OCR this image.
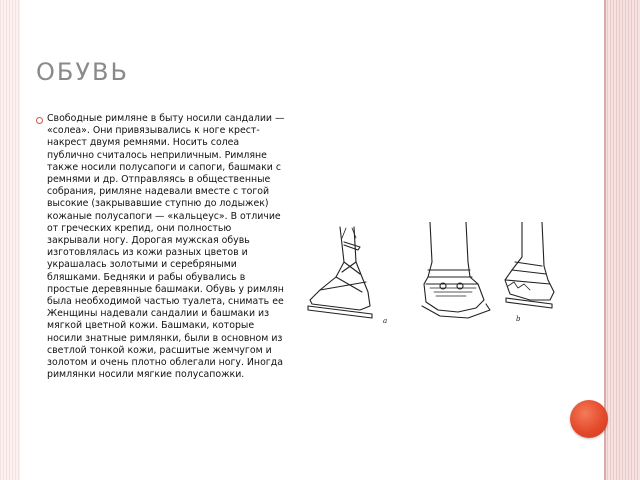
ОБУВЬ

Свободные римляне в быту носили сандалии — «солеа». Они привязывались к ноге крест-накрест двумя ремнями. Носить солеа публично считалось неприличным. Римляне также носили полусапоги и сапоги, башмаки с ремнями и др. Отправляясь в общественные собрания, римляне надевали вместе с тогой высокие (закрывавшие ступню до лодыжек) кожаные полусапоги — «кальцеус». В отличие от греческих крепид, они полностью закрывали ногу. Дорогая мужская обувь изготовлялась из кожи разных цветов и украшалась золотыми и серебряными бляшками. Бедняки и рабы обувались в простые деревянные башмаки. Обувь у римлян была необходимой частью туалета, снимать ее
Женщины надевали сандалии и башмаки из мягкой цветной кожи. Башмаки, которые носили знатные римлянки, были в основном из светлой тонкой кожи, расшитые жемчугом и золотом и очень плотно облегали ногу. Иногда римлянки носили мягкие полусапожки.

a	b
